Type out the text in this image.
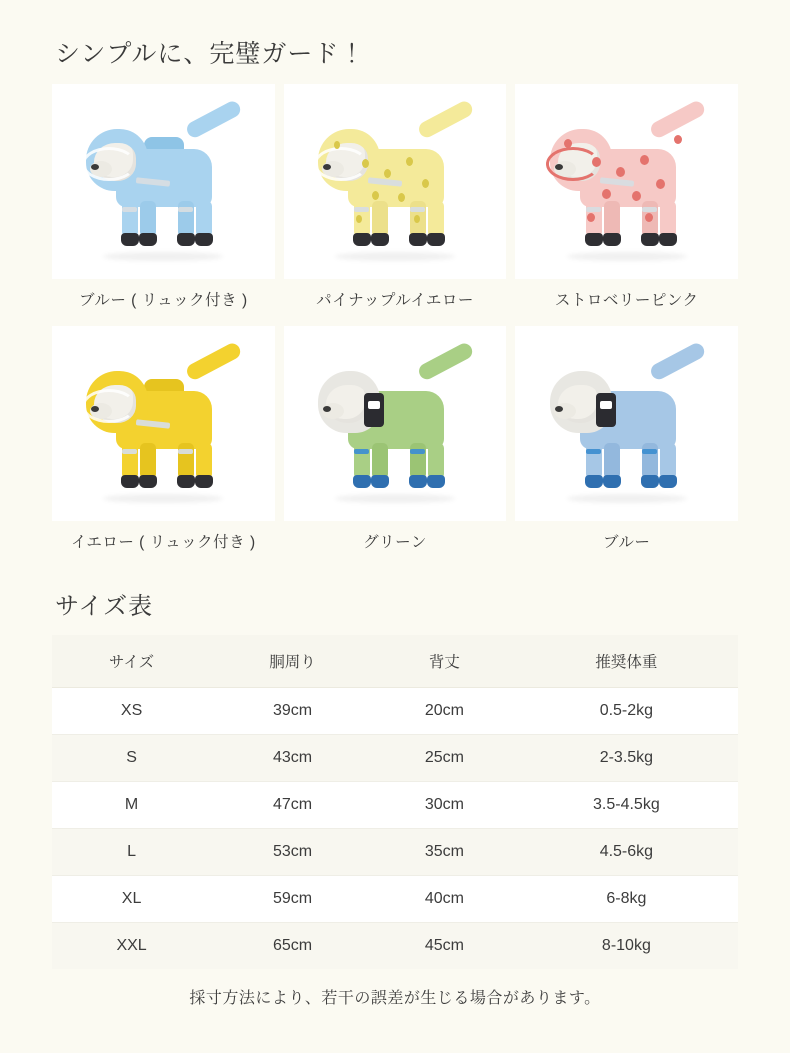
シンプルに、完璧ガード！
ブルー ( リュック付き )	パイナップルイエロー	ストロベリーピンク
イエロー ( リュック付き )	グリーン	ブルー
サイズ表
サイズ	胴周り	背丈	推奨体重
XS	39cm	20cm	0.5-2kg
S	43cm	25cm	2-3.5kg
M	47cm	30cm	3.5-4.5kg
L	53cm	35cm	4.5-6kg
XL	59cm	40cm	6-8kg
XXL	65cm	45cm	8-10kg
採寸方法により、若干の誤差が生じる場合があります。
